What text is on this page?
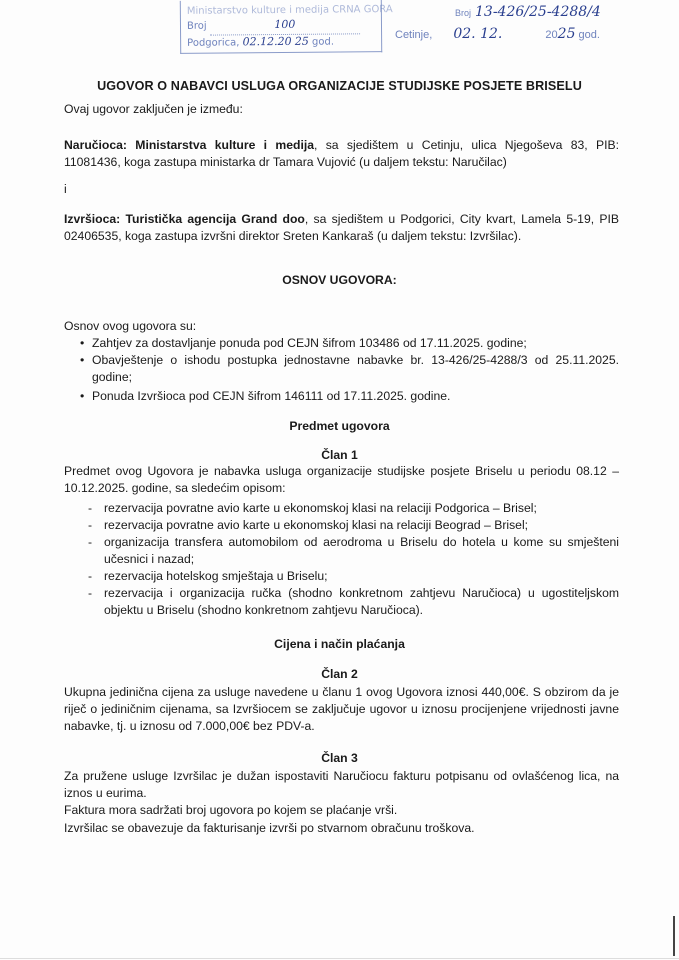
Ministarstvo kulture i medija CRNA GORA
Broj	100
Podgorica, 02.12.20 25 god.
Broj 13-426/25-4288/4
Cetinje, 02. 12.	2025 god.
UGOVOR O NABAVCI USLUGA ORGANIZACIJE STUDIJSKE POSJETE BRISELU
Ovaj ugovor zaključen je između:
Naručioca: Ministarstva kulture i medija, sa sjedištem u Cetinju, ulica Njegoševa 83, PIB: 11081436, koga zastupa ministarka dr Tamara Vujović (u daljem tekstu: Naručilac)
i
Izvršioca: Turistička agencija Grand doo, sa sjedištem u Podgorici, City kvart, Lamela 5-19, PIB 02406535, koga zastupa izvršni direktor Sreten Kankaraš (u daljem tekstu: Izvršilac).
OSNOV UGOVORA:
Osnov ovog ugovora su:
• Zahtjev za dostavljanje ponuda pod CEJN šifrom 103486 od 17.11.2025. godine;
• Obavještenje o ishodu postupka jednostavne nabavke br. 13-426/25-4288/3 od 25.11.2025. godine;
• Ponuda Izvršioca pod CEJN šifrom 146111 od 17.11.2025. godine.
Predmet ugovora
Član 1
Predmet ovog Ugovora je nabavka usluga organizacije studijske posjete Briselu u periodu 08.12 – 10.12.2025. godine, sa sledećim opisom:
- rezervacija povratne avio karte u ekonomskoj klasi na relaciji Podgorica – Brisel;
- rezervacija povratne avio karte u ekonomskoj klasi na relaciji Beograd – Brisel;
- organizacija transfera automobilom od aerodroma u Briselu do hotela u kome su smješteni učesnici i nazad;
- rezervacija hotelskog smještaja u Briselu;
- rezervacija i organizacija ručka (shodno konkretnom zahtjevu Naručioca) u ugostiteljskom objektu u Briselu (shodno konkretnom zahtjevu Naručioca).
Cijena i način plaćanja
Član 2
Ukupna jedinična cijena za usluge navedene u članu 1 ovog Ugovora iznosi 440,00€. S obzirom da je riječ o jediničnim cijenama, sa Izvršiocem se zaključuje ugovor u iznosu procijenjene vrijednosti javne nabavke, tj. u iznosu od 7.000,00€ bez PDV-a.
Član 3
Za pružene usluge Izvršilac je dužan ispostaviti Naručiocu fakturu potpisanu od ovlašćenog lica, na iznos u eurima.
Faktura mora sadržati broj ugovora po kojem se plaćanje vrši.
Izvršilac se obavezuje da fakturisanje izvrši po stvarnom obračunu troškova.
